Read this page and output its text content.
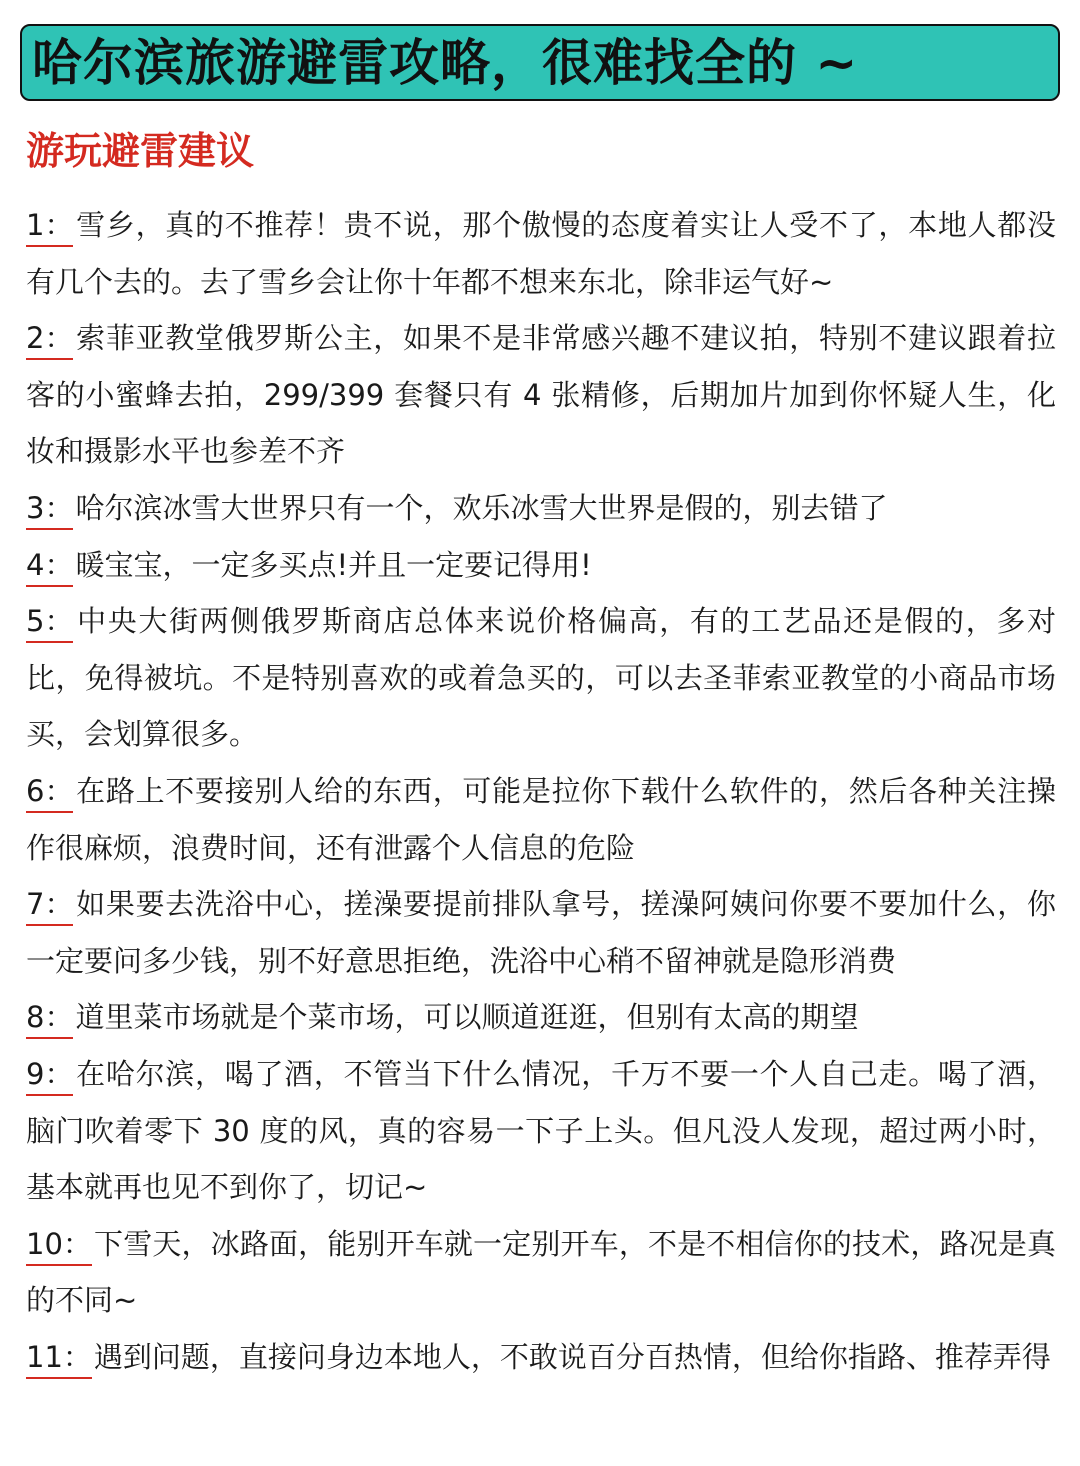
哈尔滨旅游避雷攻略，很难找全的 ~
游玩避雷建议
1：雪乡，真的不推荐！贵不说，那个傲慢的态度着实让人受不了，本地人都没有几个去的。去了雪乡会让你十年都不想来东北，除非运气好~
2：索菲亚教堂俄罗斯公主，如果不是非常感兴趣不建议拍，特别不建议跟着拉客的小蜜蜂去拍，299/399 套餐只有 4 张精修，后期加片加到你怀疑人生，化妆和摄影水平也参差不齐
3：哈尔滨冰雪大世界只有一个，欢乐冰雪大世界是假的，别去错了
4：暖宝宝，一定多买点!并且一定要记得用!
5：中央大街两侧俄罗斯商店总体来说价格偏高，有的工艺品还是假的，多对比，免得被坑。不是特别喜欢的或着急买的，可以去圣菲索亚教堂的小商品市场买，会划算很多。
6：在路上不要接别人给的东西，可能是拉你下载什么软件的，然后各种关注操作很麻烦，浪费时间，还有泄露个人信息的危险
7：如果要去洗浴中心，搓澡要提前排队拿号，搓澡阿姨问你要不要加什么，你一定要问多少钱，别不好意思拒绝，洗浴中心稍不留神就是隐形消费
8：道里菜市场就是个菜市场，可以顺道逛逛，但别有太高的期望
9：在哈尔滨，喝了酒，不管当下什么情况，千万不要一个人自己走。喝了酒，脑门吹着零下 30 度的风，真的容易一下子上头。但凡没人发现，超过两小时，基本就再也见不到你了，切记~
10：下雪天，冰路面，能别开车就一定别开车，不是不相信你的技术，路况是真的不同~
11：遇到问题，直接问身边本地人，不敢说百分百热情，但给你指路、推荐弄得
